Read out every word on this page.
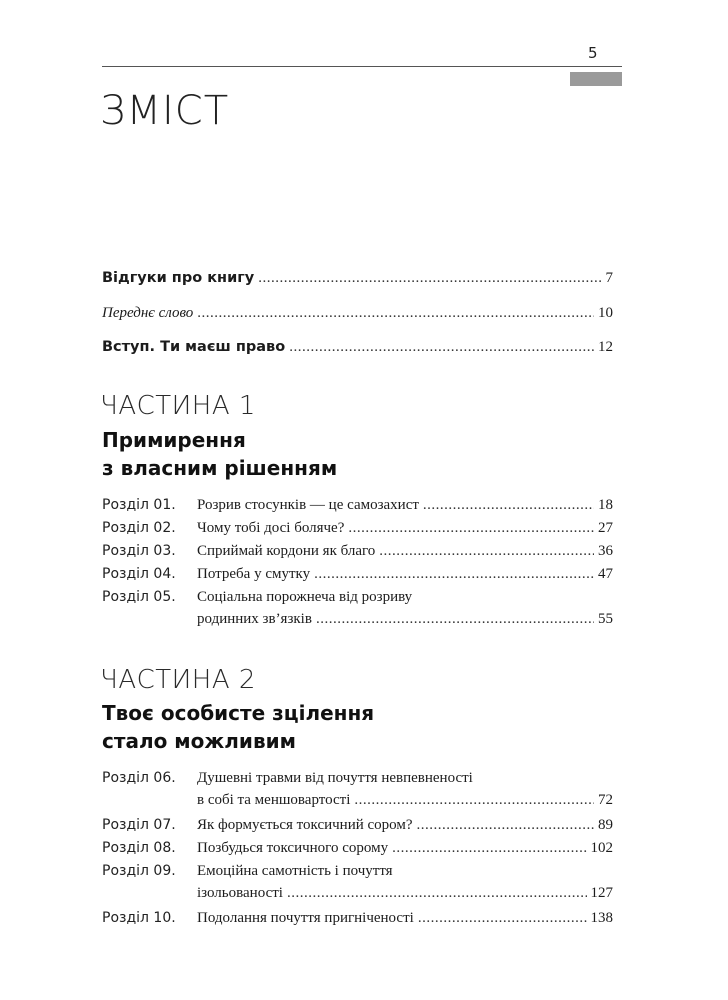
5
ЗМІСТ
Відгуки про книгу .....	7
Переднє слово .....	10
Вступ. Ти маєш право .....	12
ЧАСТИНА 1
Примирення
з власним рішенням
Розділ 01. Розрив стосунків — це самозахист .....	18
Розділ 02. Чому тобі досі боляче? .....	27
Розділ 03. Сприймай кордони як благо .....	36
Розділ 04. Потреба у смутку .....	47
Розділ 05. Соціальна порожнеча від розриву
родинних зв’язків .....	55
ЧАСТИНА 2
Твоє особисте зцілення
стало можливим
Розділ 06. Душевні травми від почуття невпевненості
в собі та меншовартості .....	72
Розділ 07. Як формується токсичний сором? .....	89
Розділ 08. Позбудься токсичного сорому .....	102
Розділ 09. Емоційна самотність і почуття
ізольованості .....	127
Розділ 10. Подолання почуття пригніченості .....	138
